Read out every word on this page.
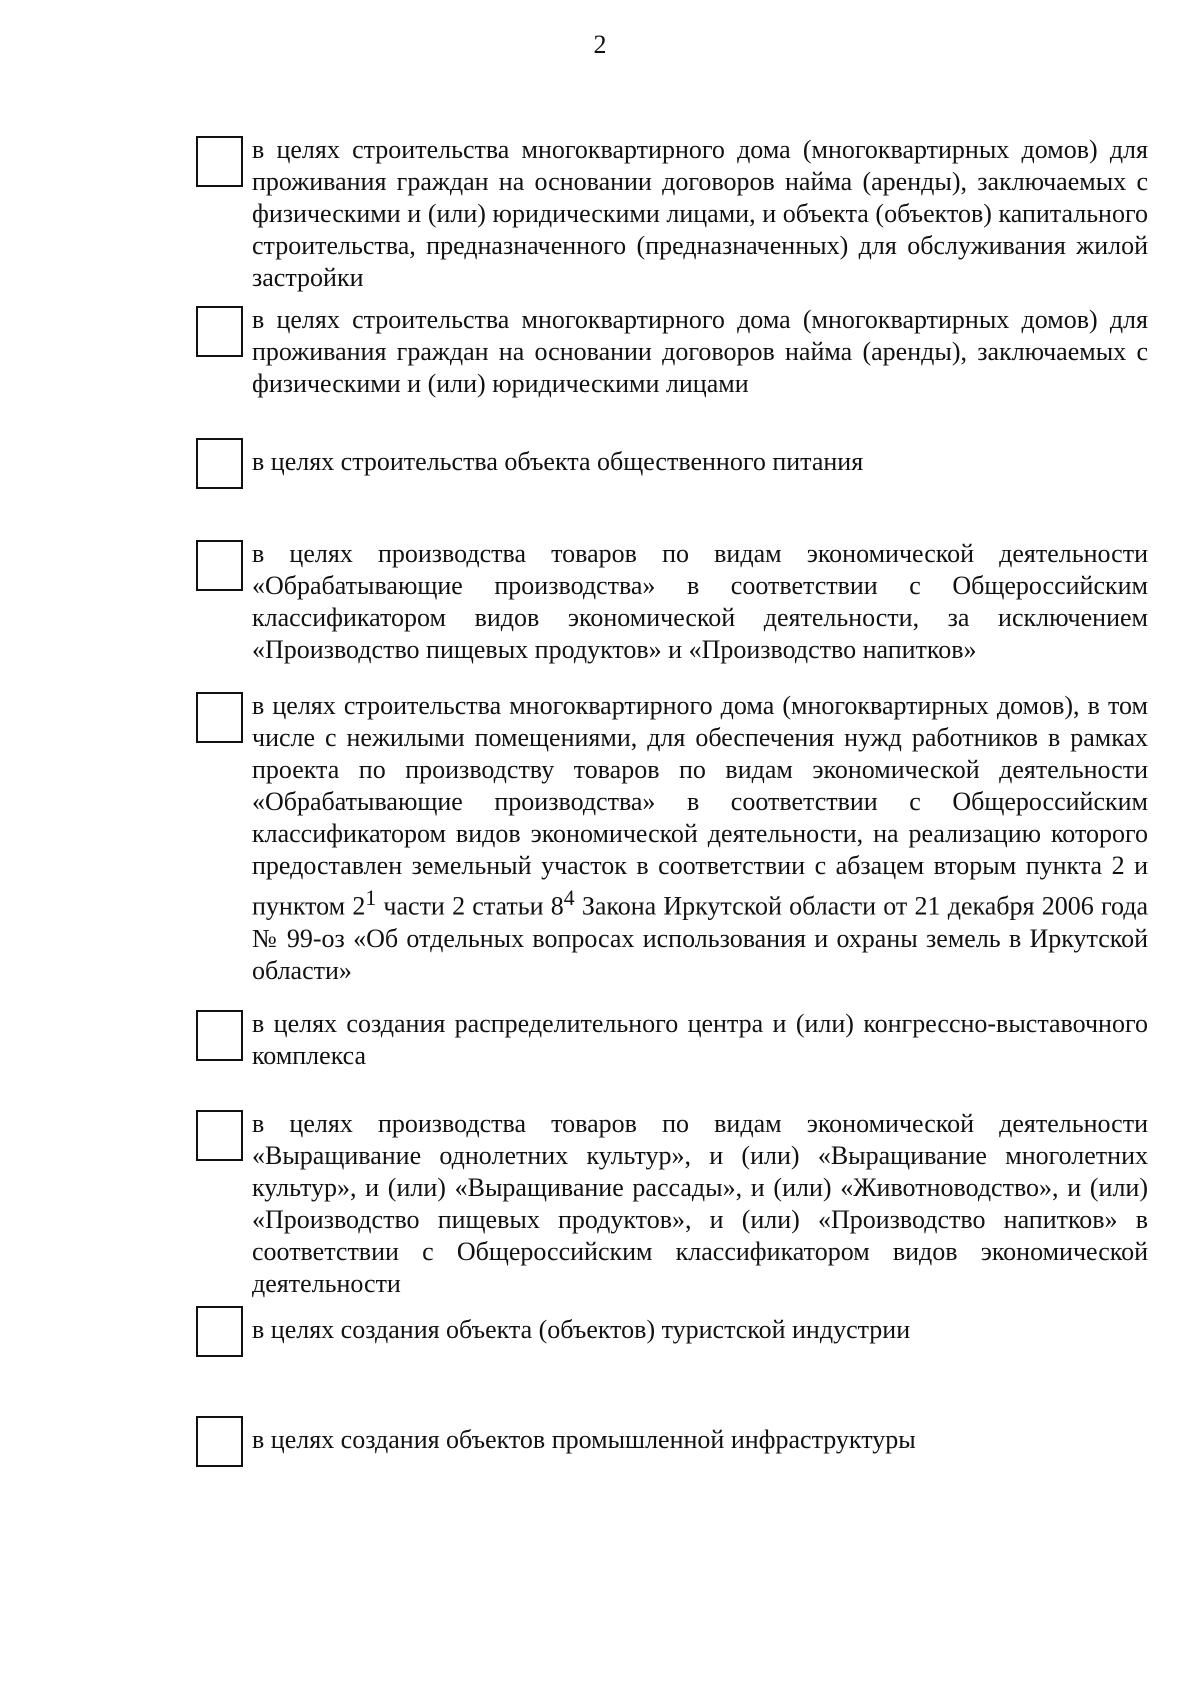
2
в целях строительства многоквартирного дома (многоквартирных домов) для проживания граждан на основании договоров найма (аренды), заключаемых с физическими и (или) юридическими лицами, и объекта (объектов) капитального строительства, предназначенного (предназначенных) для обслуживания жилой застройки
в целях строительства многоквартирного дома (многоквартирных домов) для проживания граждан на основании договоров найма (аренды), заключаемых с физическими и (или) юридическими лицами
в целях строительства объекта общественного питания
в целях производства товаров по видам экономической деятельности «Обрабатывающие производства» в соответствии с Общероссийским классификатором видов экономической деятельности, за исключением «Производство пищевых продуктов» и «Производство напитков»
в целях строительства многоквартирного дома (многоквартирных домов), в том числе с нежилыми помещениями, для обеспечения нужд работников в рамках проекта по производству товаров по видам экономической деятельности «Обрабатывающие производства» в соответствии с Общероссийским классификатором видов экономической деятельности, на реализацию которого предоставлен земельный участок в соответствии с абзацем вторым пункта 2 и пунктом $2^1$ части 2 статьи $8^4$ Закона Иркутской области от 21 декабря 2006 года № 99-оз «Об отдельных вопросах использования и охраны земель в Иркутской области»
в целях создания распределительного центра и (или) конгрессно-выставочного комплекса
в целях производства товаров по видам экономической деятельности «Выращивание однолетних культур», и (или) «Выращивание многолетних культур», и (или) «Выращивание рассады», и (или) «Животноводство», и (или) «Производство пищевых продуктов», и (или) «Производство напитков» в соответствии с Общероссийским классификатором видов экономической деятельности
в целях создания объекта (объектов) туристской индустрии
в целях создания объектов промышленной инфраструктуры
